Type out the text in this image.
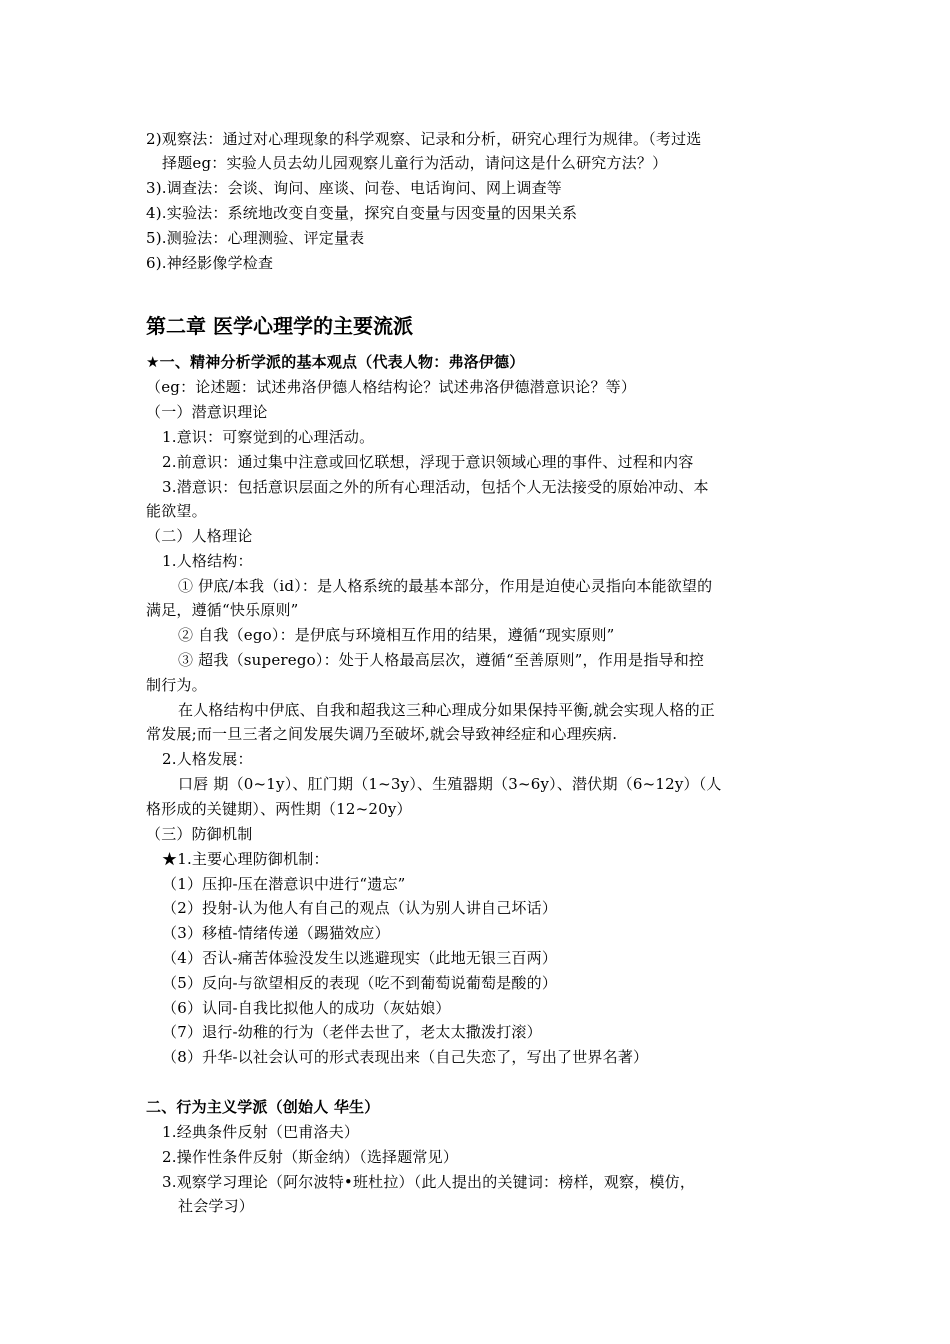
2)观察法：通过对心理现象的科学观察、记录和分析，研究心理行为规律。（考过选
择题eg：实验人员去幼儿园观察儿童行为活动，请问这是什么研究方法？）
3).调查法：会谈、询问、座谈、问卷、电话询问、网上调查等
4).实验法：系统地改变自变量，探究自变量与因变量的因果关系
5).测验法：心理测验、评定量表
6).神经影像学检查
第二章 医学心理学的主要流派
★一、精神分析学派的基本观点（代表人物：弗洛伊德）
（eg：论述题：试述弗洛伊德人格结构论？试述弗洛伊德潜意识论？等）
（一）潜意识理论
1.意识：可察觉到的心理活动。
2.前意识：通过集中注意或回忆联想，浮现于意识领域心理的事件、过程和内容
3.潜意识：包括意识层面之外的所有心理活动，包括个人无法接受的原始冲动、本
能欲望。
（二）人格理论
1.人格结构：
① 伊底/本我（id）：是人格系统的最基本部分，作用是迫使心灵指向本能欲望的
满足，遵循“快乐原则”
② 自我（ego）：是伊底与环境相互作用的结果，遵循“现实原则”
③ 超我（superego）：处于人格最高层次，遵循“至善原则”，作用是指导和控
制行为。
在人格结构中伊底、自我和超我这三种心理成分如果保持平衡,就会实现人格的正
常发展;而一旦三者之间发展失调乃至破坏,就会导致神经症和心理疾病.
2.人格发展：
口唇 期（0~1y）、肛门期（1~3y）、生殖器期（3~6y）、潜伏期（6~12y）（人
格形成的关键期）、两性期（12~20y）
（三）防御机制
★1.主要心理防御机制：
（1）压抑-压在潜意识中进行“遗忘”
（2）投射-认为他人有自己的观点（认为别人讲自己坏话）
（3）移植-情绪传递（踢猫效应）
（4）否认-痛苦体验没发生以逃避现实（此地无银三百两）
（5）反向-与欲望相反的表现（吃不到葡萄说葡萄是酸的）
（6）认同-自我比拟他人的成功（灰姑娘）
（7）退行-幼稚的行为（老伴去世了，老太太撒泼打滚）
（8）升华-以社会认可的形式表现出来（自己失恋了，写出了世界名著）
二、行为主义学派（创始人 华生）
1.经典条件反射（巴甫洛夫）
2.操作性条件反射（斯金纳）（选择题常见）
3.观察学习理论（阿尔波特•班杜拉）（此人提出的关键词：榜样，观察，模仿，
社会学习）
